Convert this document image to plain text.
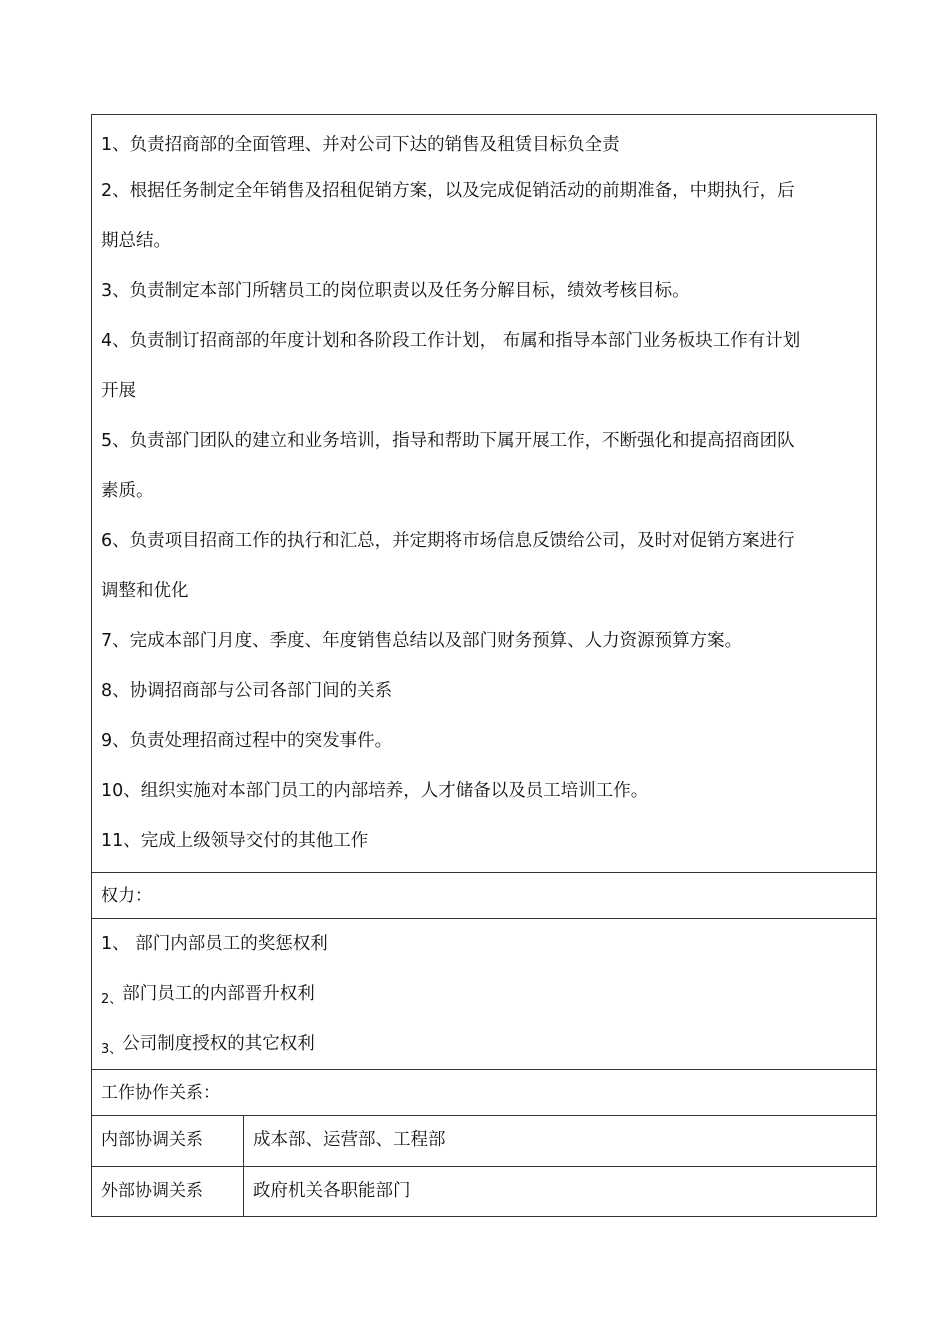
1、负责招商部的全面管理、并对公司下达的销售及租赁目标负全责
2、根据任务制定全年销售及招租促销方案，以及完成促销活动的前期准备，中期执行，后
期总结。
3、负责制定本部门所辖员工的岗位职责以及任务分解目标，绩效考核目标。
4、负责制订招商部的年度计划和各阶段工作计划， 布属和指导本部门业务板块工作有计划
开展
5、负责部门团队的建立和业务培训，指导和帮助下属开展工作，不断强化和提高招商团队
素质。
6、负责项目招商工作的执行和汇总，并定期将市场信息反馈给公司，及时对促销方案进行
调整和优化
7、完成本部门月度、季度、年度销售总结以及部门财务预算、人力资源预算方案。
8、协调招商部与公司各部门间的关系
9、负责处理招商过程中的突发事件。
10、组织实施对本部门员工的内部培养，人才储备以及员工培训工作。
11、完成上级领导交付的其他工作
权力：
1、 部门内部员工的奖惩权利
$_{2、}$部门员工的内部晋升权利
$_{3、}$公司制度授权的其它权利
工作协作关系：
内部协调关系	成本部、运营部、工程部
外部协调关系	政府机关各职能部门
